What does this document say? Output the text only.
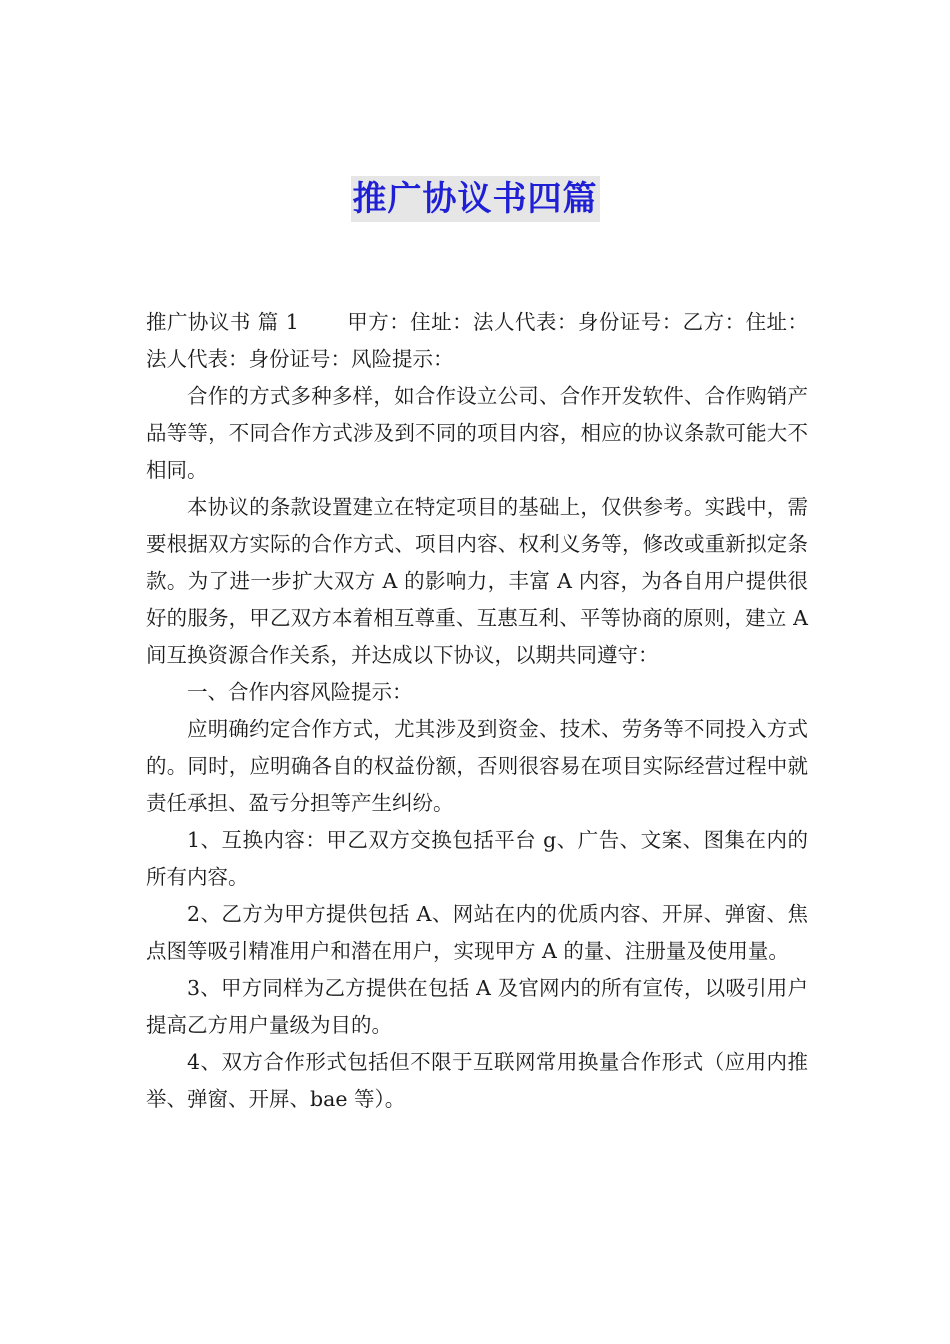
推广协议书四篇

推广协议书 篇 1 甲方：住址：法人代表：身份证号：乙方：住址：法人代表：身份证号：风险提示：

合作的方式多种多样，如合作设立公司、合作开发软件、合作购销产品等等，不同合作方式涉及到不同的项目内容，相应的协议条款可能大不相同。

本协议的条款设置建立在特定项目的基础上，仅供参考。实践中，需要根据双方实际的合作方式、项目内容、权利义务等，修改或重新拟定条款。为了进一步扩大双方 A 的影响力，丰富 A 内容，为各自用户提供很好的服务，甲乙双方本着相互尊重、互惠互利、平等协商的原则，建立 A 间互换资源合作关系，并达成以下协议，以期共同遵守：

一、合作内容风险提示：

应明确约定合作方式，尤其涉及到资金、技术、劳务等不同投入方式的。同时，应明确各自的权益份额，否则很容易在项目实际经营过程中就责任承担、盈亏分担等产生纠纷。

1、互换内容：甲乙双方交换包括平台 g、广告、文案、图集在内的所有内容。

2、乙方为甲方提供包括 A、网站在内的优质内容、开屏、弹窗、焦点图等吸引精准用户和潜在用户，实现甲方 A 的量、注册量及使用量。

3、甲方同样为乙方提供在包括 A 及官网内的所有宣传，以吸引用户提高乙方用户量级为目的。

4、双方合作形式包括但不限于互联网常用换量合作形式（应用内推举、弹窗、开屏、bae 等）。
